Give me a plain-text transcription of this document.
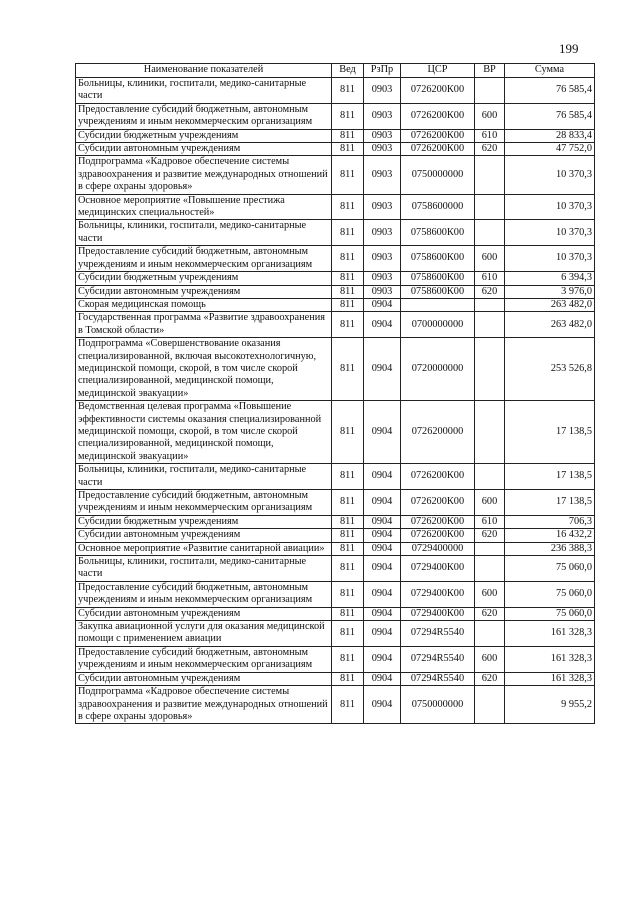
199
Наименование показателей	Вед	РзПр	ЦСР	ВР	Сумма
Больницы, клиники, госпитали, медико-санитарные части	811	0903	0726200К00		76 585,4
Предоставление субсидий бюджетным, автономным учреждениям и иным некоммерческим организациям	811	0903	0726200К00	600	76 585,4
Субсидии бюджетным учреждениям	811	0903	0726200К00	610	28 833,4
Субсидии автономным учреждениям	811	0903	0726200К00	620	47 752,0
Подпрограмма «Кадровое обеспечение системы здравоохранения и развитие международных отношений в сфере охраны здоровья»	811	0903	0750000000		10 370,3
Основное мероприятие «Повышение престижа медицинских специальностей»	811	0903	0758600000		10 370,3
Больницы, клиники, госпитали, медико-санитарные части	811	0903	0758600К00		10 370,3
Предоставление субсидий бюджетным, автономным учреждениям и иным некоммерческим организациям	811	0903	0758600К00	600	10 370,3
Субсидии бюджетным учреждениям	811	0903	0758600К00	610	6 394,3
Субсидии автономным учреждениям	811	0903	0758600К00	620	3 976,0
Скорая медицинская помощь	811	0904			263 482,0
Государственная программа «Развитие здравоохранения в Томской области»	811	0904	0700000000		263 482,0
Подпрограмма «Совершенствование оказания специализированной, включая высокотехнологичную, медицинской помощи, скорой, в том числе скорой специализированной, медицинской помощи, медицинской эвакуации»	811	0904	0720000000		253 526,8
Ведомственная целевая программа «Повышение эффективности системы оказания специализированной медицинской помощи, скорой, в том числе скорой специализированной, медицинской помощи, медицинской эвакуации»	811	0904	0726200000		17 138,5
Больницы, клиники, госпитали, медико-санитарные части	811	0904	0726200К00		17 138,5
Предоставление субсидий бюджетным, автономным учреждениям и иным некоммерческим организациям	811	0904	0726200К00	600	17 138,5
Субсидии бюджетным учреждениям	811	0904	0726200К00	610	706,3
Субсидии автономным учреждениям	811	0904	0726200К00	620	16 432,2
Основное мероприятие «Развитие санитарной авиации»	811	0904	0729400000		236 388,3
Больницы, клиники, госпитали, медико-санитарные части	811	0904	0729400К00		75 060,0
Предоставление субсидий бюджетным, автономным учреждениям и иным некоммерческим организациям	811	0904	0729400К00	600	75 060,0
Субсидии автономным учреждениям	811	0904	0729400К00	620	75 060,0
Закупка авиационной услуги для оказания медицинской помощи с применением авиации	811	0904	07294R5540		161 328,3
Предоставление субсидий бюджетным, автономным учреждениям и иным некоммерческим организациям	811	0904	07294R5540	600	161 328,3
Субсидии автономным учреждениям	811	0904	07294R5540	620	161 328,3
Подпрограмма «Кадровое обеспечение системы здравоохранения и развитие международных отношений в сфере охраны здоровья»	811	0904	0750000000		9 955,2
